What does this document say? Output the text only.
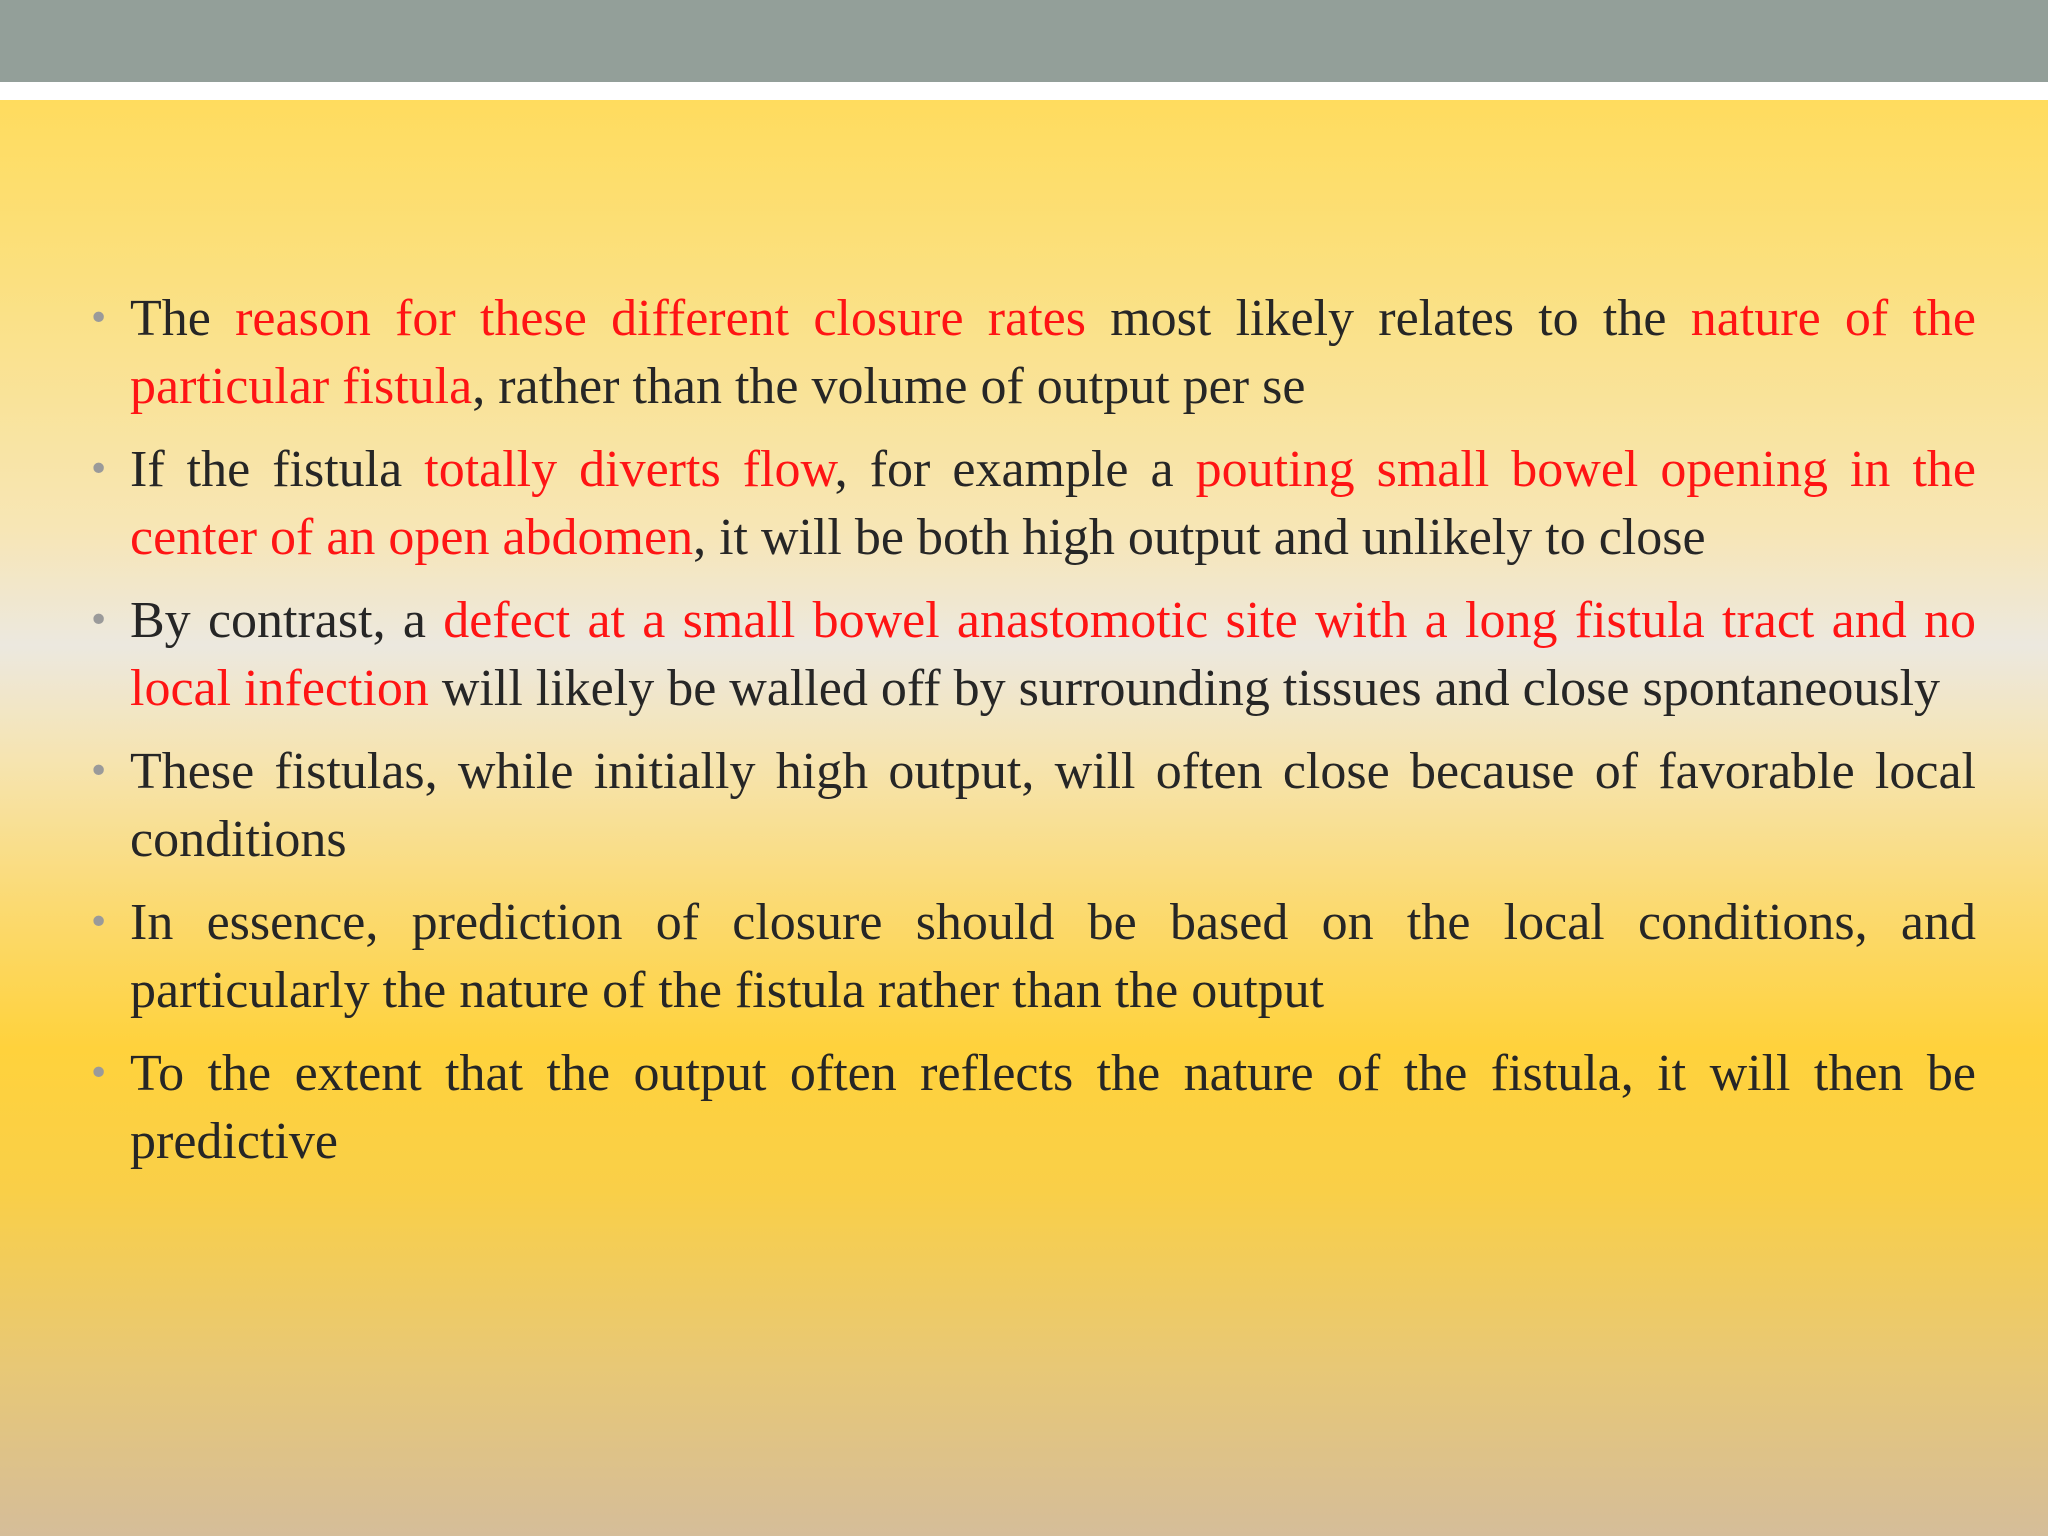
• The reason for these different closure rates most likely relates to the nature of the particular fistula, rather than the volume of output per se
• If the fistula totally diverts flow, for example a pouting small bowel opening in the center of an open abdomen, it will be both high output and unlikely to close
• By contrast, a defect at a small bowel anastomotic site with a long fistula tract and no local infection will likely be walled off by surrounding tissues and close spontaneously
• These fistulas, while initially high output, will often close because of favorable local conditions
• In essence, prediction of closure should be based on the local conditions, and particularly the nature of the fistula rather than the output
• To the extent that the output often reflects the nature of the fistula, it will then be predictive
